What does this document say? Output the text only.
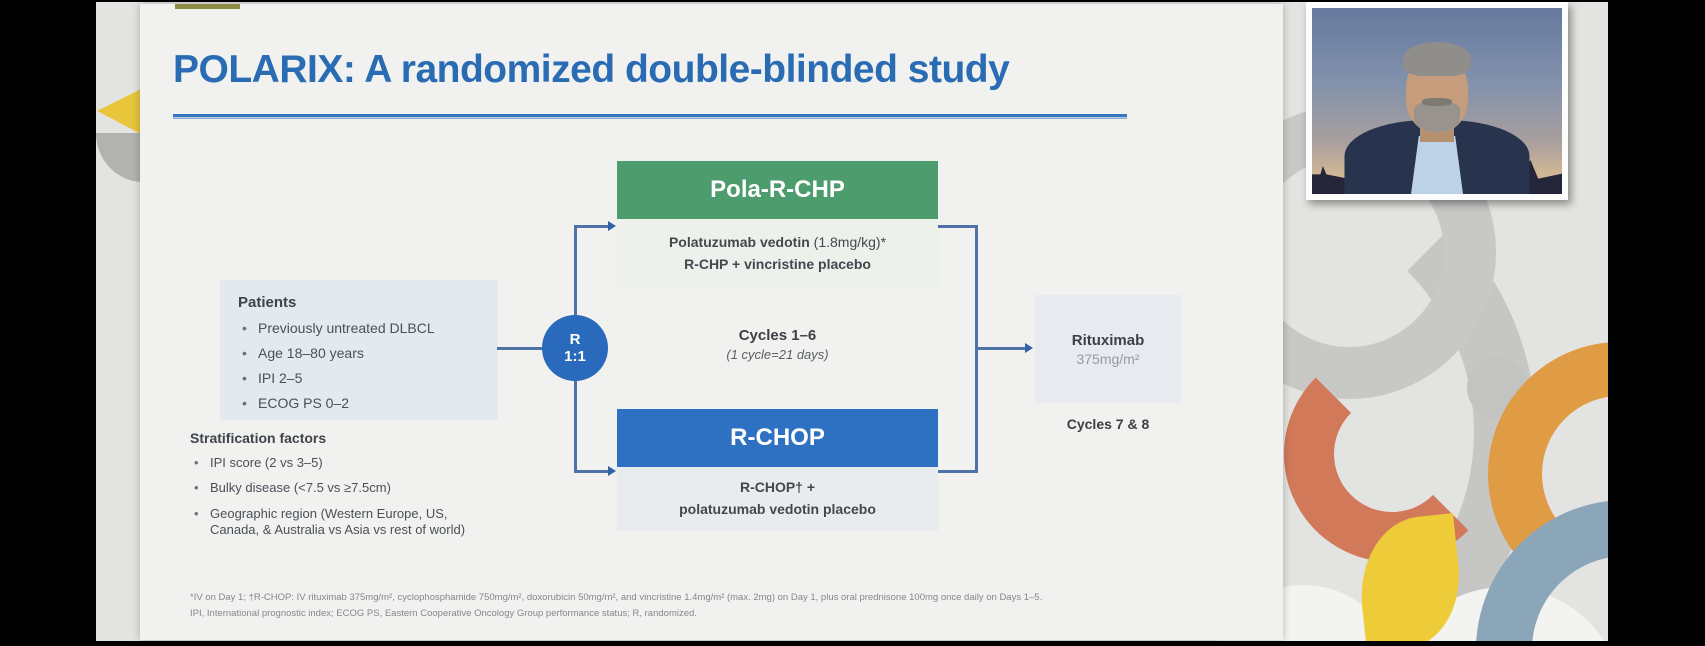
POLARIX: A randomized double-blinded study
Patients
• Previously untreated DLBCL
• Age 18–80 years
• IPI 2–5
• ECOG PS 0–2
Stratification factors
• IPI score (2 vs 3–5)
• Bulky disease (<7.5 vs ≥7.5cm)
• Geographic region (Western Europe, US, Canada, & Australia vs Asia vs rest of world)
R
1:1
Pola-R-CHP
Polatuzumab vedotin (1.8mg/kg)*
R-CHP + vincristine placebo
Cycles 1–6
(1 cycle=21 days)
R-CHOP
R-CHOP† +
polatuzumab vedotin placebo
Rituximab
375mg/m²
Cycles 7 & 8
*IV on Day 1; †R-CHOP: IV rituximab 375mg/m², cyclophosphamide 750mg/m², doxorubicin 50mg/m², and vincristine 1.4mg/m² (max. 2mg) on Day 1, plus oral prednisone 100mg once daily on Days 1–5.
IPI, International prognostic index; ECOG PS, Eastern Cooperative Oncology Group performance status; R, randomized.
